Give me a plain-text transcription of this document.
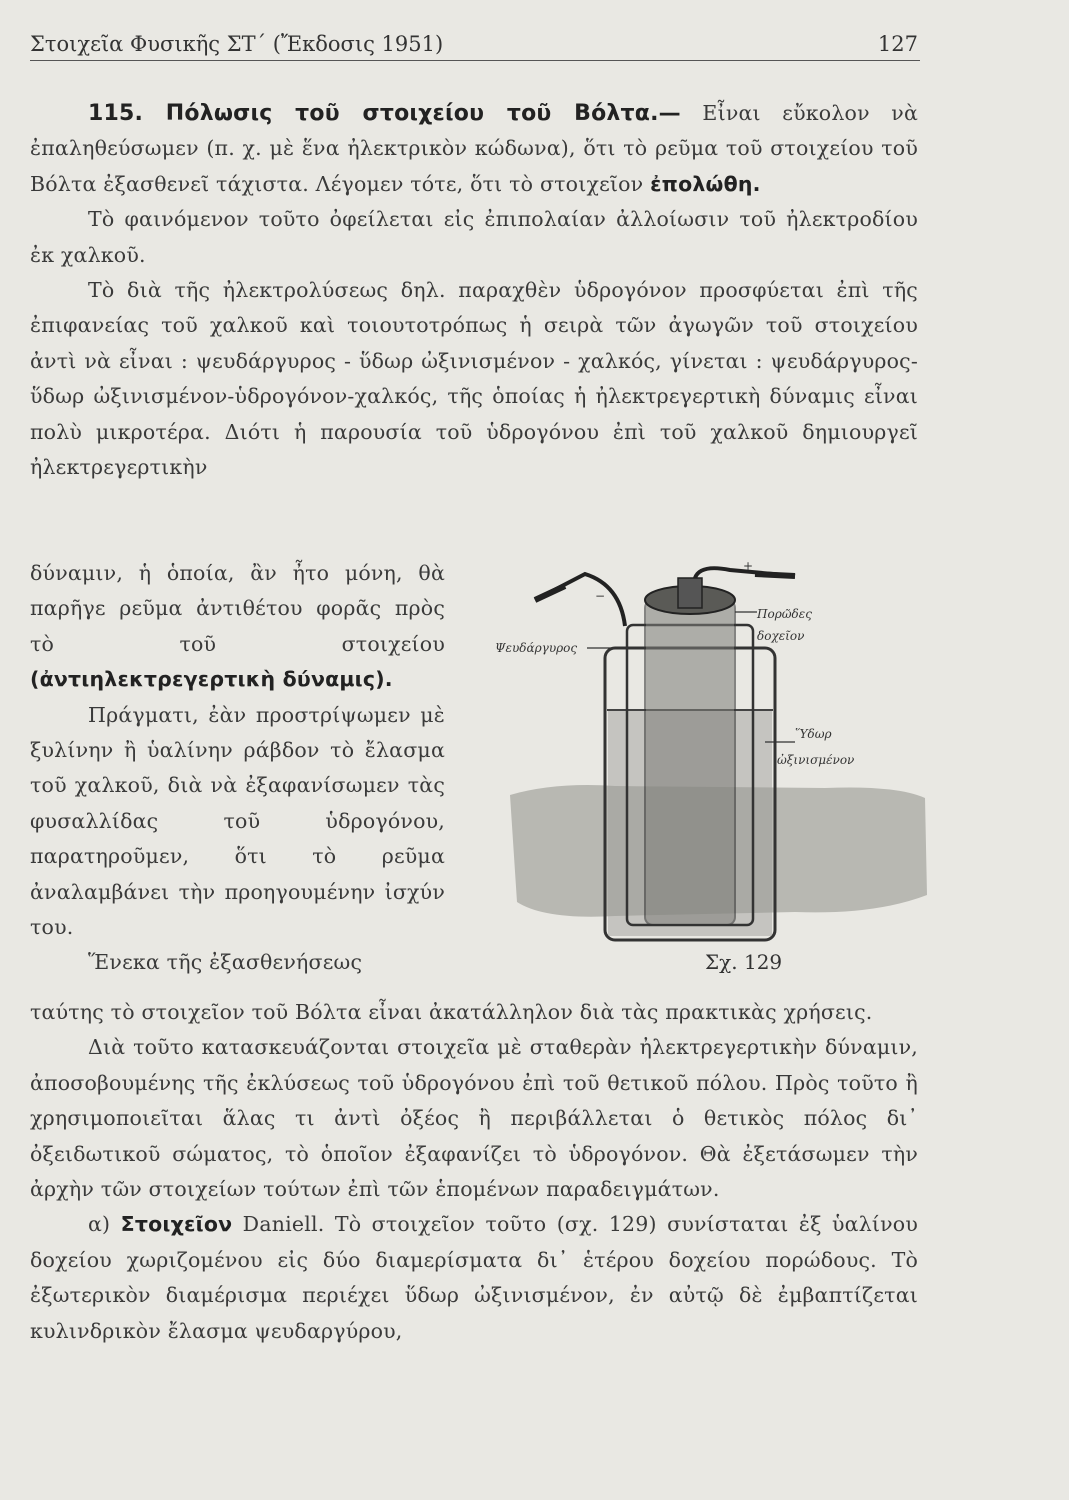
Στοιχεῖα Φυσικῆς ΣΤ΄ (Ἔκδοσις 1951)	127

115. Πόλωσις τοῦ στοιχείου τοῦ Βόλτα.— Εἶναι εὔκολον νὰ ἐπαληθεύσωμεν (π. χ. μὲ ἕνα ἠλεκτρικὸν κώδωνα), ὅτι τὸ ρεῦμα τοῦ στοιχείου τοῦ Βόλτα ἐξασθενεῖ τάχιστα. Λέγομεν τότε, ὅτι τὸ στοιχεῖον ἐπολώθη.

Τὸ φαινόμενον τοῦτο ὀφείλεται εἰς ἐπιπολαίαν ἀλλοίωσιν τοῦ ἠλεκτροδίου ἐκ χαλκοῦ.

Τὸ διὰ τῆς ἠλεκτρολύσεως δηλ. παραχθὲν ὑδρογόνον προσφύεται ἐπὶ τῆς ἐπιφανείας τοῦ χαλκοῦ καὶ τοιουτοτρόπως ἡ σειρὰ τῶν ἀγωγῶν τοῦ στοιχείου ἀντὶ νὰ εἶναι : ψευδάργυρος - ὕδωρ ὠξινισμένον - χαλκός, γίνεται : ψευδάργυρος-ὕδωρ ὠξινισμένον-ὑδρογόνον-χαλκός, τῆς ὁποίας ἡ ἠλεκτρεγερτικὴ δύναμις εἶναι πολὺ μικροτέρα. Διότι ἡ παρουσία τοῦ ὑδρογόνου ἐπὶ τοῦ χαλκοῦ δημιουργεῖ ἠλεκτρεγερτικὴν

δύναμιν, ἡ ὁποία, ἂν ἦτο μόνη, θὰ παρῆγε ρεῦμα ἀντιθέτου φορᾶς πρὸς τὸ τοῦ στοιχείου (ἀντιηλεκτρεγερτικὴ δύναμις).

Πράγματι, ἐὰν προστρίψωμεν μὲ ξυλίνην ἢ ὑαλίνην ράβδον τὸ ἔλασμα τοῦ χαλκοῦ, διὰ νὰ ἐξαφανίσωμεν τὰς φυσαλλίδας τοῦ ὑδρογόνου, παρατηροῦμεν, ὅτι τὸ ρεῦμα ἀναλαμβάνει τὴν προηγουμένην ἰσχύν του.

Ἕνεκα τῆς ἐξασθενήσεως

Ψευδάργυρος
Πορῶδες
δοχεῖον
Ὕδωρ
ὠξινισμένον
−
+
Σχ. 129

ταύτης τὸ στοιχεῖον τοῦ Βόλτα εἶναι ἀκατάλληλον διὰ τὰς πρακτικὰς χρήσεις.

Διὰ τοῦτο κατασκευάζονται στοιχεῖα μὲ σταθερὰν ἠλεκτρεγερτικὴν δύναμιν, ἀποσοβουμένης τῆς ἐκλύσεως τοῦ ὑδρογόνου ἐπὶ τοῦ θετικοῦ πόλου. Πρὸς τοῦτο ἢ χρησιμοποιεῖται ἅλας τι ἀντὶ ὀξέος ἢ περιβάλλεται ὁ θετικὸς πόλος δι᾽ ὀξειδωτικοῦ σώματος, τὸ ὁποῖον ἐξαφανίζει τὸ ὑδρογόνον. Θὰ ἐξετάσωμεν τὴν ἀρχὴν τῶν στοιχείων τούτων ἐπὶ τῶν ἑπομένων παραδειγμάτων.

α) Στοιχεῖον Daniell. Τὸ στοιχεῖον τοῦτο (σχ. 129) συνίσταται ἐξ ὑαλίνου δοχείου χωριζομένου εἰς δύο διαμερίσματα δι᾽ ἑτέρου δοχείου πορώδους. Τὸ ἐξωτερικὸν διαμέρισμα περιέχει ὕδωρ ὠξινισμένον, ἐν αὐτῷ δὲ ἐμβαπτίζεται κυλινδρικὸν ἔλασμα ψευδαργύρου,
